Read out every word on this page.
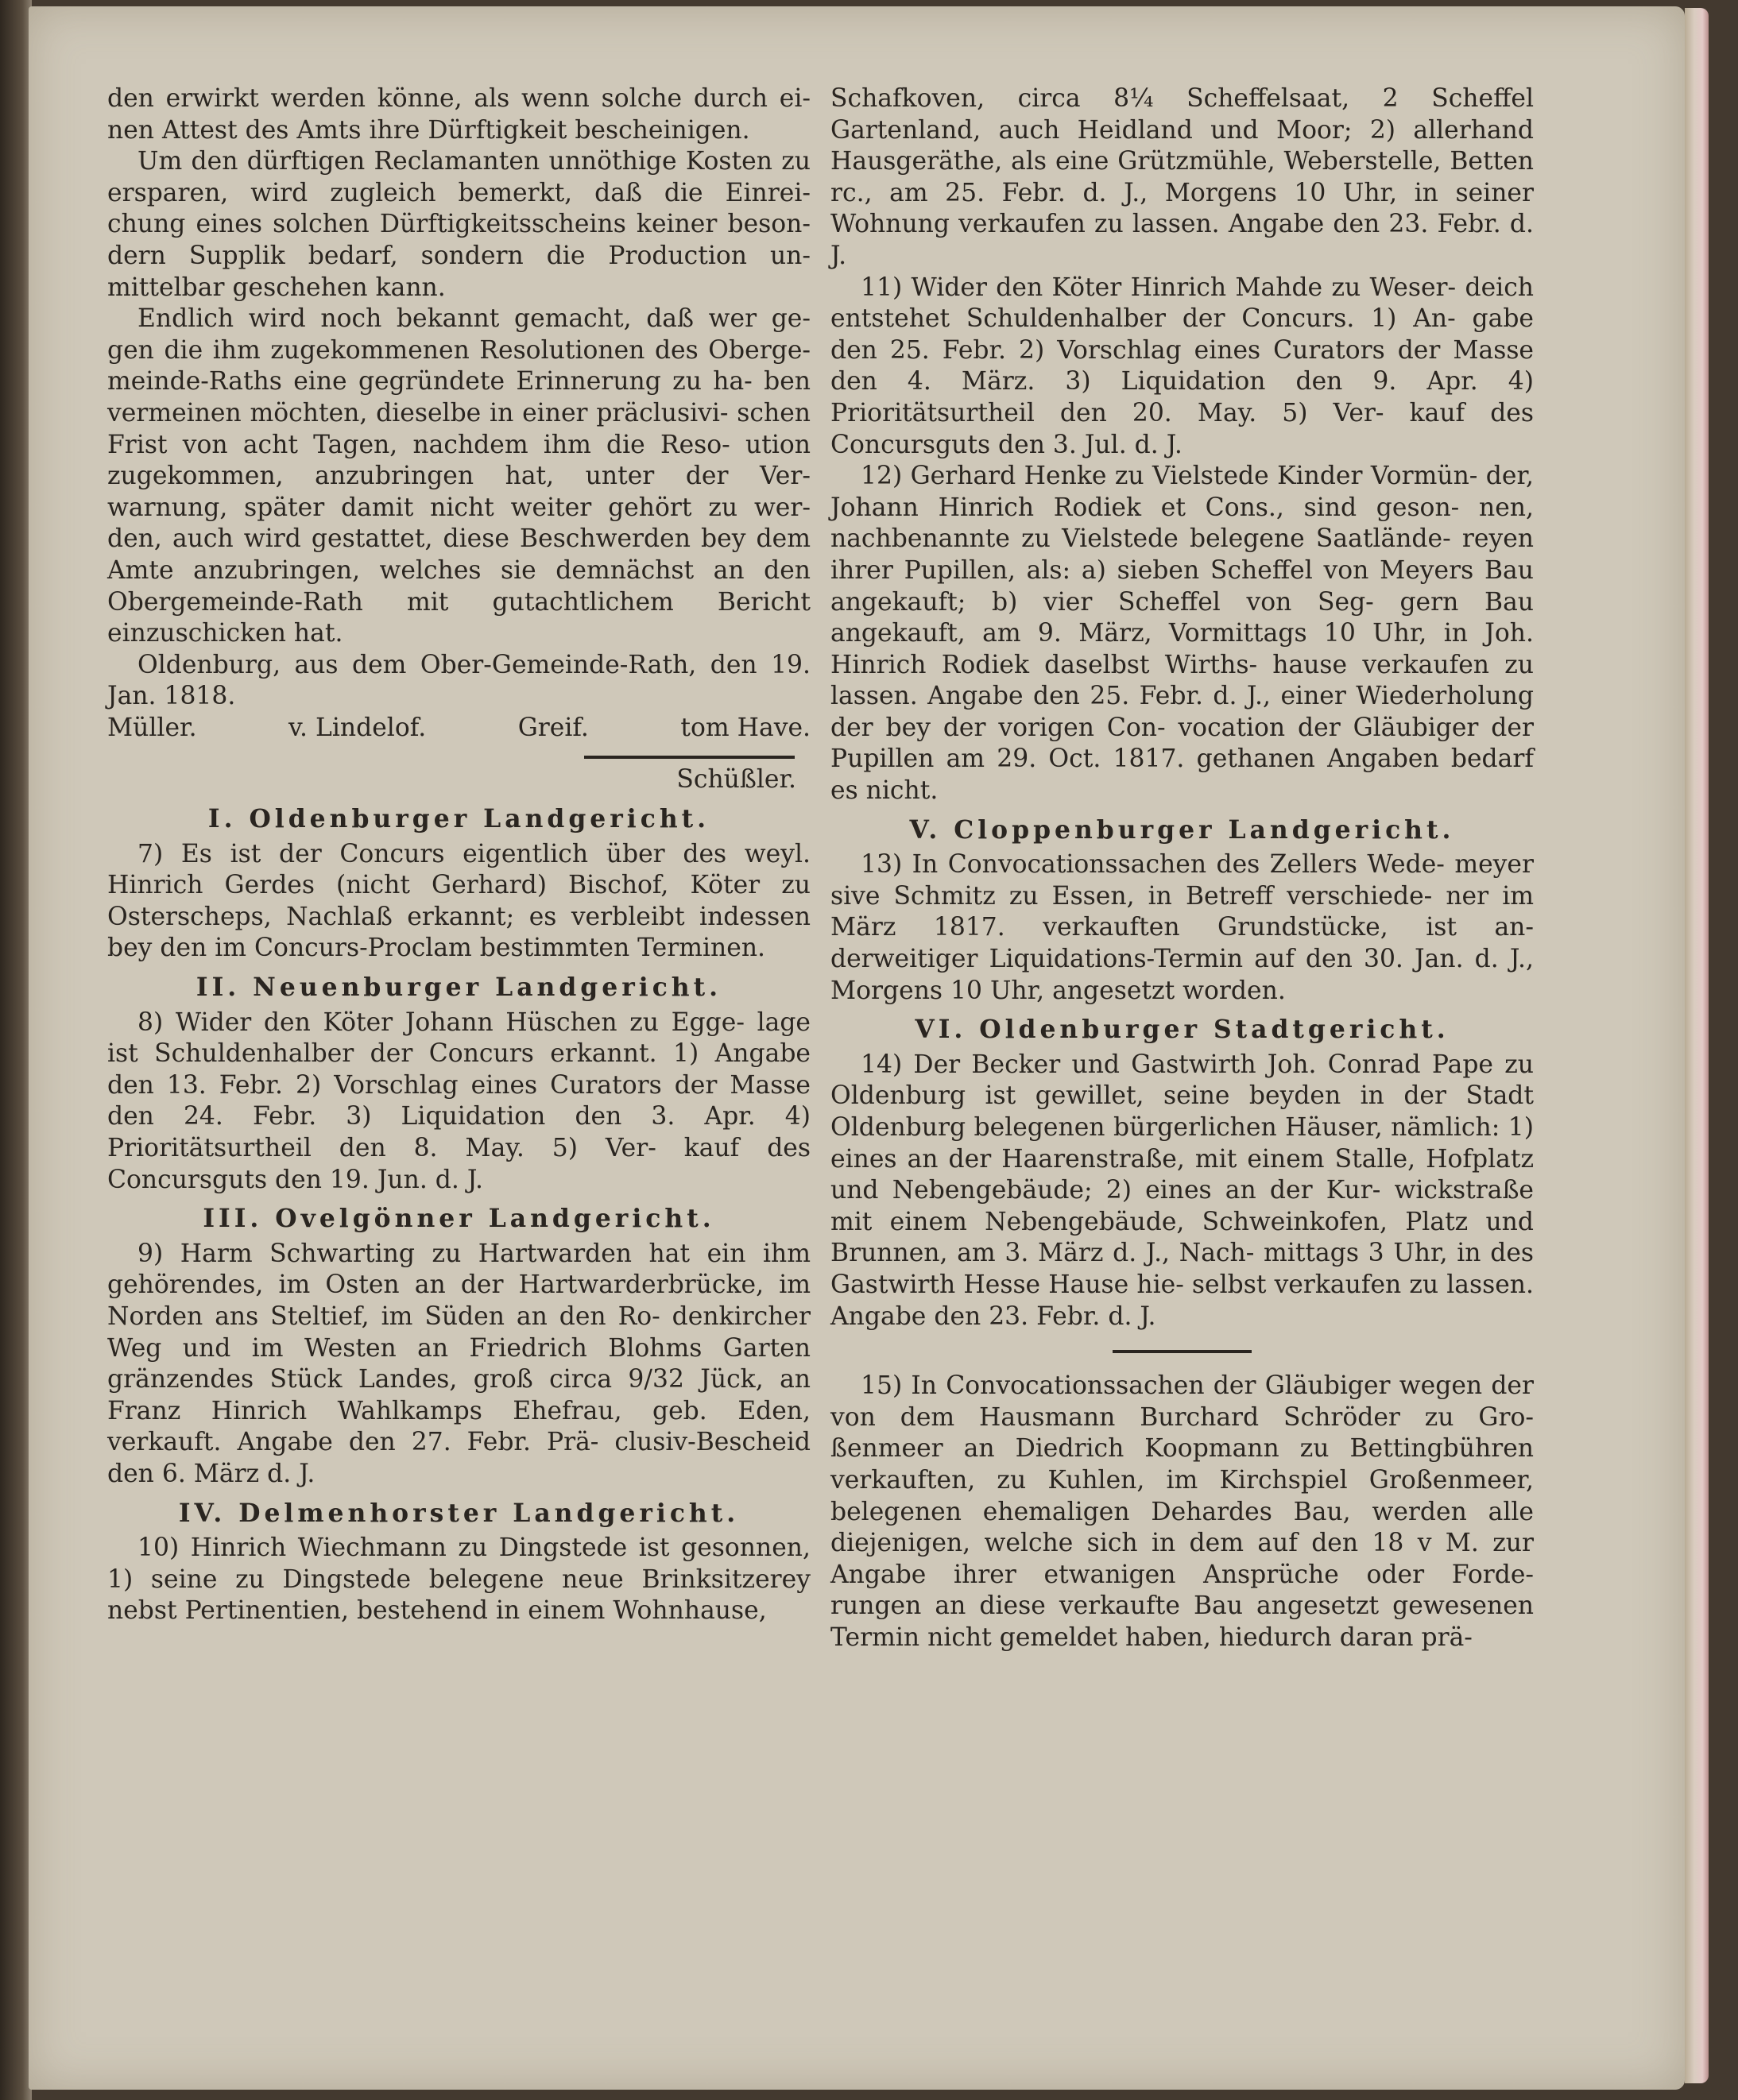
den erwirkt werden könne, als wenn solche durch ei- nen Attest des Amts ihre Dürftigkeit bescheinigen.

Um den dürftigen Reclamanten unnöthige Kosten zu ersparen, wird zugleich bemerkt, daß die Einrei- chung eines solchen Dürftigkeitsscheins keiner beson- dern Supplik bedarf, sondern die Production un- mittelbar geschehen kann.

Endlich wird noch bekannt gemacht, daß wer ge- gen die ihm zugekommenen Resolutionen des Oberge- meinde-Raths eine gegründete Erinnerung zu ha- ben vermeinen möchten, dieselbe in einer präclusivi- schen Frist von acht Tagen, nachdem ihm die Reso- ution zugekommen, anzubringen hat, unter der Ver- warnung, später damit nicht weiter gehört zu wer- den, auch wird gestattet, diese Beschwerden bey dem Amte anzubringen, welches sie demnächst an den Obergemeinde-Rath mit gutachtlichem Bericht einzuschicken hat.

Oldenburg, aus dem Ober-Gemeinde-Rath, den 19. Jan. 1818.

Müller.	v. Lindelof.	Greif.	tom Have.

Schüßler.

I. Oldenburger Landgericht.

7) Es ist der Concurs eigentlich über des weyl. Hinrich Gerdes (nicht Gerhard) Bischof, Köter zu Osterscheps, Nachlaß erkannt; es verbleibt indessen bey den im Concurs-Proclam bestimmten Terminen.

II. Neuenburger Landgericht.

8) Wider den Köter Johann Hüschen zu Egge- lage ist Schuldenhalber der Concurs erkannt. 1) Angabe den 13. Febr. 2) Vorschlag eines Curators der Masse den 24. Febr. 3) Liquidation den 3. Apr. 4) Prioritätsurtheil den 8. May. 5) Ver- kauf des Concursguts den 19. Jun. d. J.

III. Ovelgönner Landgericht.

9) Harm Schwarting zu Hartwarden hat ein ihm gehörendes, im Osten an der Hartwarderbrücke, im Norden ans Steltief, im Süden an den Ro- denkircher Weg und im Westen an Friedrich Blohms Garten gränzendes Stück Landes, groß circa 9/32 Jück, an Franz Hinrich Wahlkamps Ehefrau, geb. Eden, verkauft. Angabe den 27. Febr. Prä- clusiv-Bescheid den 6. März d. J.

IV. Delmenhorster Landgericht.

10) Hinrich Wiechmann zu Dingstede ist gesonnen, 1) seine zu Dingstede belegene neue Brinksitzerey nebst Pertinentien, bestehend in einem Wohnhause,

Schafkoven, circa 8¼ Scheffelsaat, 2 Scheffel Gartenland, auch Heidland und Moor; 2) allerhand Hausgeräthe, als eine Grützmühle, Weberstelle, Betten rc., am 25. Febr. d. J., Morgens 10 Uhr, in seiner Wohnung verkaufen zu lassen. Angabe den 23. Febr. d. J.

11) Wider den Köter Hinrich Mahde zu Weser- deich entstehet Schuldenhalber der Concurs. 1) An- gabe den 25. Febr. 2) Vorschlag eines Curators der Masse den 4. März. 3) Liquidation den 9. Apr. 4) Prioritätsurtheil den 20. May. 5) Ver- kauf des Concursguts den 3. Jul. d. J.

12) Gerhard Henke zu Vielstede Kinder Vormün- der, Johann Hinrich Rodiek et Cons., sind geson- nen, nachbenannte zu Vielstede belegene Saatlände- reyen ihrer Pupillen, als: a) sieben Scheffel von Meyers Bau angekauft; b) vier Scheffel von Seg- gern Bau angekauft, am 9. März, Vormittags 10 Uhr, in Joh. Hinrich Rodiek daselbst Wirths- hause verkaufen zu lassen. Angabe den 25. Febr. d. J., einer Wiederholung der bey der vorigen Con- vocation der Gläubiger der Pupillen am 29. Oct. 1817. gethanen Angaben bedarf es nicht.

V. Cloppenburger Landgericht.

13) In Convocationssachen des Zellers Wede- meyer sive Schmitz zu Essen, in Betreff verschiede- ner im März 1817. verkauften Grundstücke, ist an- derweitiger Liquidations-Termin auf den 30. Jan. d. J., Morgens 10 Uhr, angesetzt worden.

VI. Oldenburger Stadtgericht.

14) Der Becker und Gastwirth Joh. Conrad Pape zu Oldenburg ist gewillet, seine beyden in der Stadt Oldenburg belegenen bürgerlichen Häuser, nämlich: 1) eines an der Haarenstraße, mit einem Stalle, Hofplatz und Nebengebäude; 2) eines an der Kur- wickstraße mit einem Nebengebäude, Schweinkofen, Platz und Brunnen, am 3. März d. J., Nach- mittags 3 Uhr, in des Gastwirth Hesse Hause hie- selbst verkaufen zu lassen. Angabe den 23. Febr. d. J.

15) In Convocationssachen der Gläubiger wegen der von dem Hausmann Burchard Schröder zu Gro- ßenmeer an Diedrich Koopmann zu Bettingbühren verkauften, zu Kuhlen, im Kirchspiel Großenmeer, belegenen ehemaligen Dehardes Bau, werden alle diejenigen, welche sich in dem auf den 18 v M. zur Angabe ihrer etwanigen Ansprüche oder Forde- rungen an diese verkaufte Bau angesetzt gewesenen Termin nicht gemeldet haben, hiedurch daran prä-
